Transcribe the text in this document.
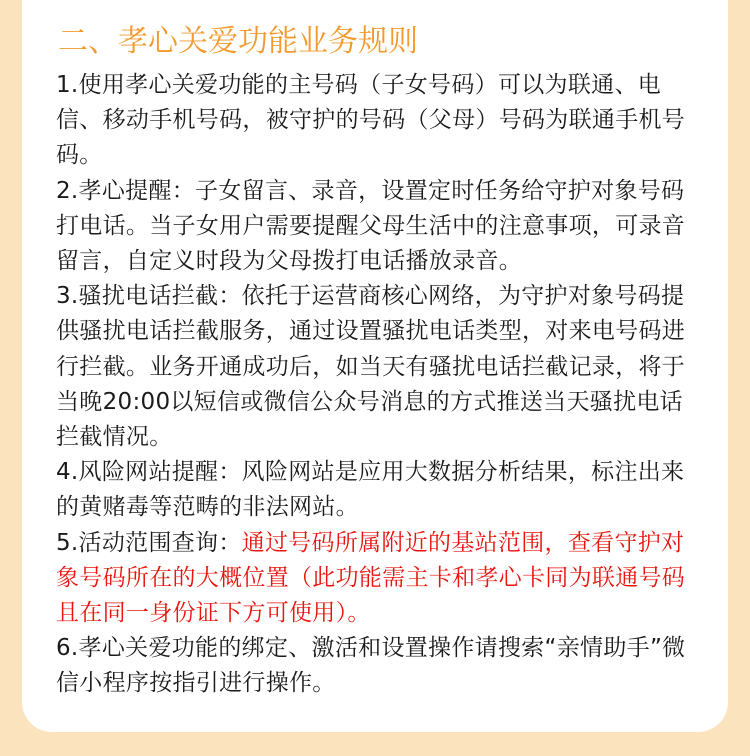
二、孝心关爱功能业务规则

1.使用孝心关爱功能的主号码（子女号码）可以为联通、电信、移动手机号码，被守护的号码（父母）号码为联通手机号码。

2.孝心提醒：子女留言、录音，设置定时任务给守护对象号码打电话。当子女用户需要提醒父母生活中的注意事项，可录音留言，自定义时段为父母拨打电话播放录音。

3.骚扰电话拦截：依托于运营商核心网络，为守护对象号码提供骚扰电话拦截服务，通过设置骚扰电话类型，对来电号码进行拦截。业务开通成功后，如当天有骚扰电话拦截记录，将于当晚20:00以短信或微信公众号消息的方式推送当天骚扰电话拦截情况。

4.风险网站提醒：风险网站是应用大数据分析结果，标注出来的黄赌毒等范畴的非法网站。

5.活动范围查询：通过号码所属附近的基站范围，查看守护对象号码所在的大概位置（此功能需主卡和孝心卡同为联通号码且在同一身份证下方可使用）。

6.孝心关爱功能的绑定、激活和设置操作请搜索“亲情助手”微信小程序按指引进行操作。
